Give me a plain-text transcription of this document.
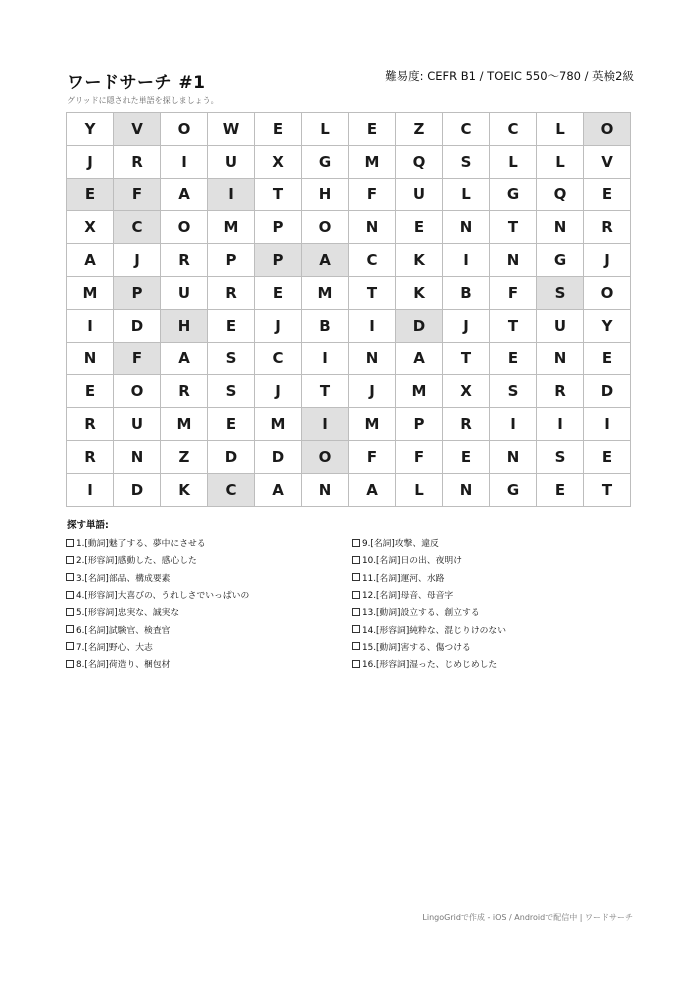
ワードサーチ #1	難易度: CEFR B1 / TOEIC 550〜780 / 英検2級
グリッドに隠された単語を探しましょう。
Y	V	O	W	E	L	E	Z	C	C	L	O
J	R	I	U	X	G	M	Q	S	L	L	V
E	F	A	I	T	H	F	U	L	G	Q	E
X	C	O	M	P	O	N	E	N	T	N	R
A	J	R	P	P	A	C	K	I	N	G	J
M	P	U	R	E	M	T	K	B	F	S	O
I	D	H	E	J	B	I	D	J	T	U	Y
N	F	A	S	C	I	N	A	T	E	N	E
E	O	R	S	J	T	J	M	X	S	R	D
R	U	M	E	M	I	M	P	R	I	I	I
R	N	Z	D	D	O	F	F	E	N	S	E
I	D	K	C	A	N	A	L	N	G	E	T
探す単語:
1.[動詞]魅了する、夢中にさせる
2.[形容詞]感動した、感心した
3.[名詞]部品、構成要素
4.[形容詞]大喜びの、うれしさでいっぱいの
5.[形容詞]忠実な、誠実な
6.[名詞]試験官、検査官
7.[名詞]野心、大志
8.[名詞]荷造り、梱包材
9.[名詞]攻撃、違反
10.[名詞]日の出、夜明け
11.[名詞]運河、水路
12.[名詞]母音、母音字
13.[動詞]設立する、創立する
14.[形容詞]純粋な、混じりけのない
15.[動詞]害する、傷つける
16.[形容詞]湿った、じめじめした
LingoGridで作成 - iOS / Androidで配信中 | ワードサーチ
